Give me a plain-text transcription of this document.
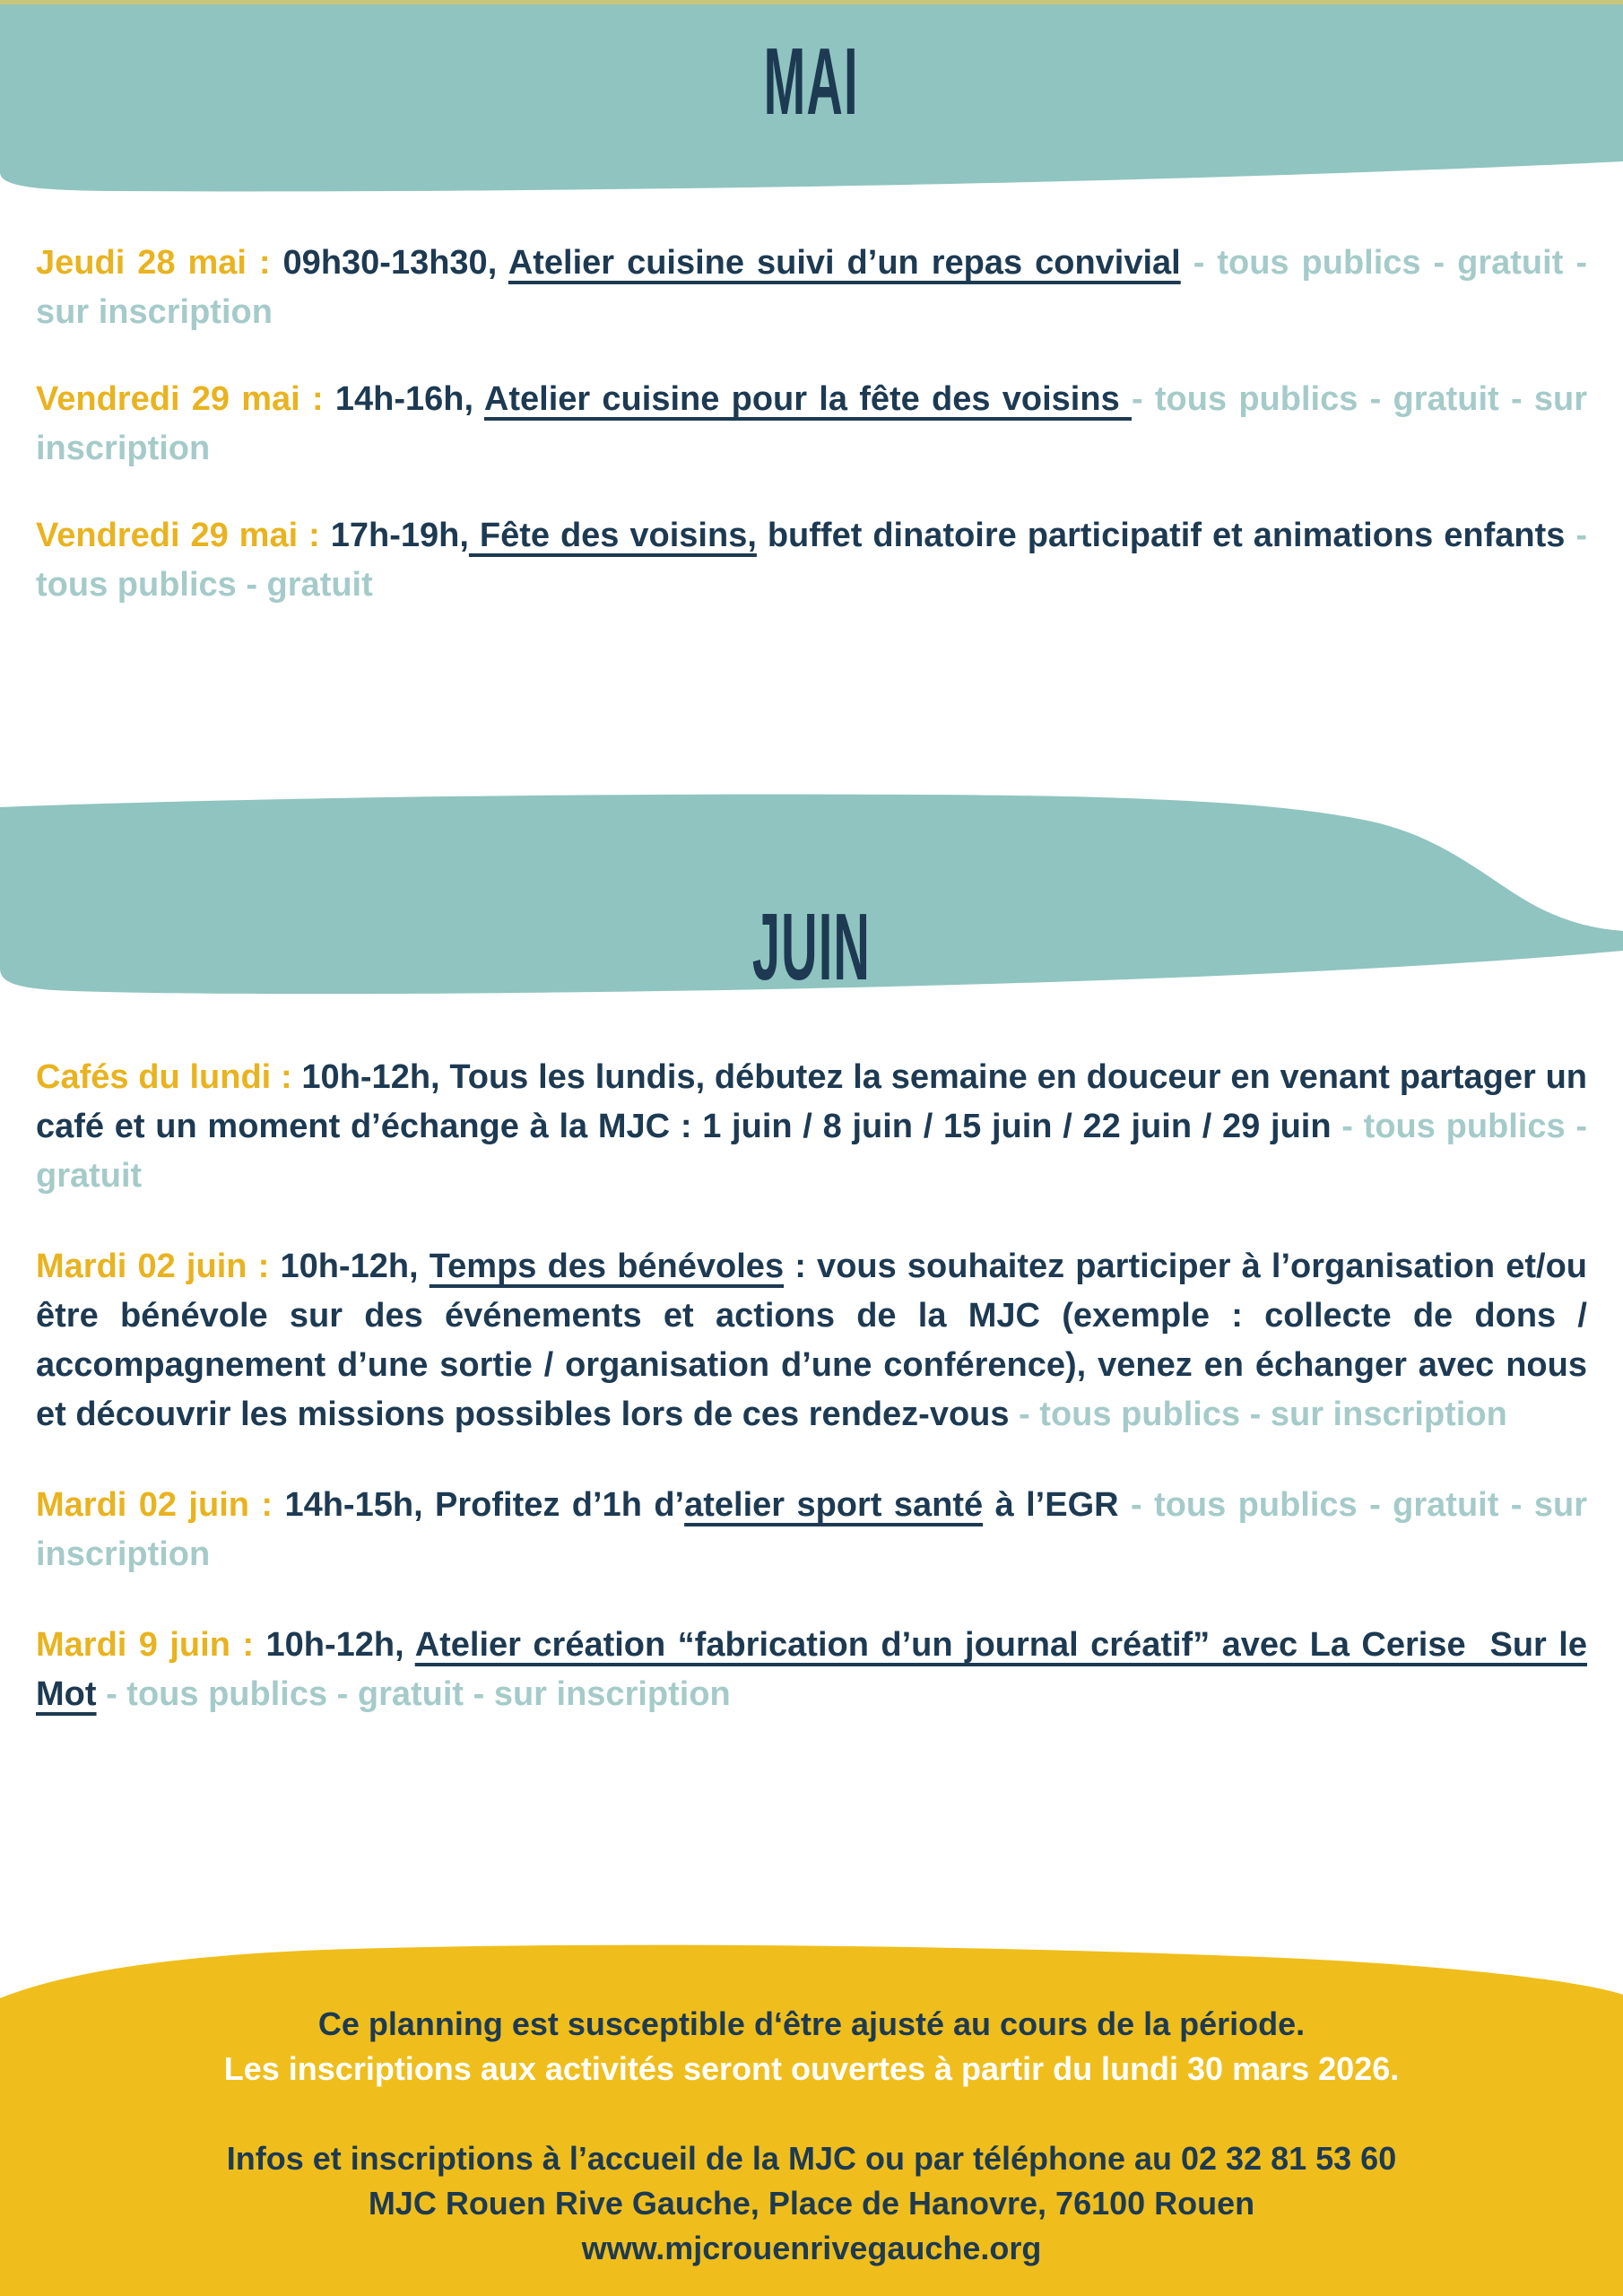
MAI

Jeudi 28 mai : 09h30-13h30, Atelier cuisine suivi d’un repas convivial - tous publics - gratuit - sur inscription

Vendredi 29 mai : 14h-16h, Atelier cuisine pour la fête des voisins - tous publics - gratuit - sur inscription

Vendredi 29 mai : 17h-19h, Fête des voisins, buffet dinatoire participatif et animations enfants - tous publics - gratuit

JUIN

Cafés du lundi : 10h-12h, Tous les lundis, débutez la semaine en douceur en venant partager un café et un moment d’échange à la MJC : 1 juin / 8 juin / 15 juin / 22 juin / 29 juin - tous publics - gratuit

Mardi 02 juin : 10h-12h, Temps des bénévoles : vous souhaitez participer à l’organisation et/ou être bénévole sur des événements et actions de la MJC (exemple : collecte de dons / accompagnement d’une sortie / organisation d’une conférence), venez en échanger avec nous et découvrir les missions possibles lors de ces rendez-vous - tous publics - sur inscription

Mardi 02 juin : 14h-15h, Profitez d’1h d’atelier sport santé à l’EGR - tous publics - gratuit - sur inscription

Mardi 9 juin : 10h-12h, Atelier création “fabrication d’un journal créatif” avec La Cerise  Sur le Mot - tous publics - gratuit - sur inscription

Ce planning est susceptible d‘être ajusté au cours de la période.
Les inscriptions aux activités seront ouvertes à partir du lundi 30 mars 2026.
Infos et inscriptions à l’accueil de la MJC ou par téléphone au 02 32 81 53 60
MJC Rouen Rive Gauche, Place de Hanovre, 76100 Rouen
www.mjcrouenrivegauche.org
